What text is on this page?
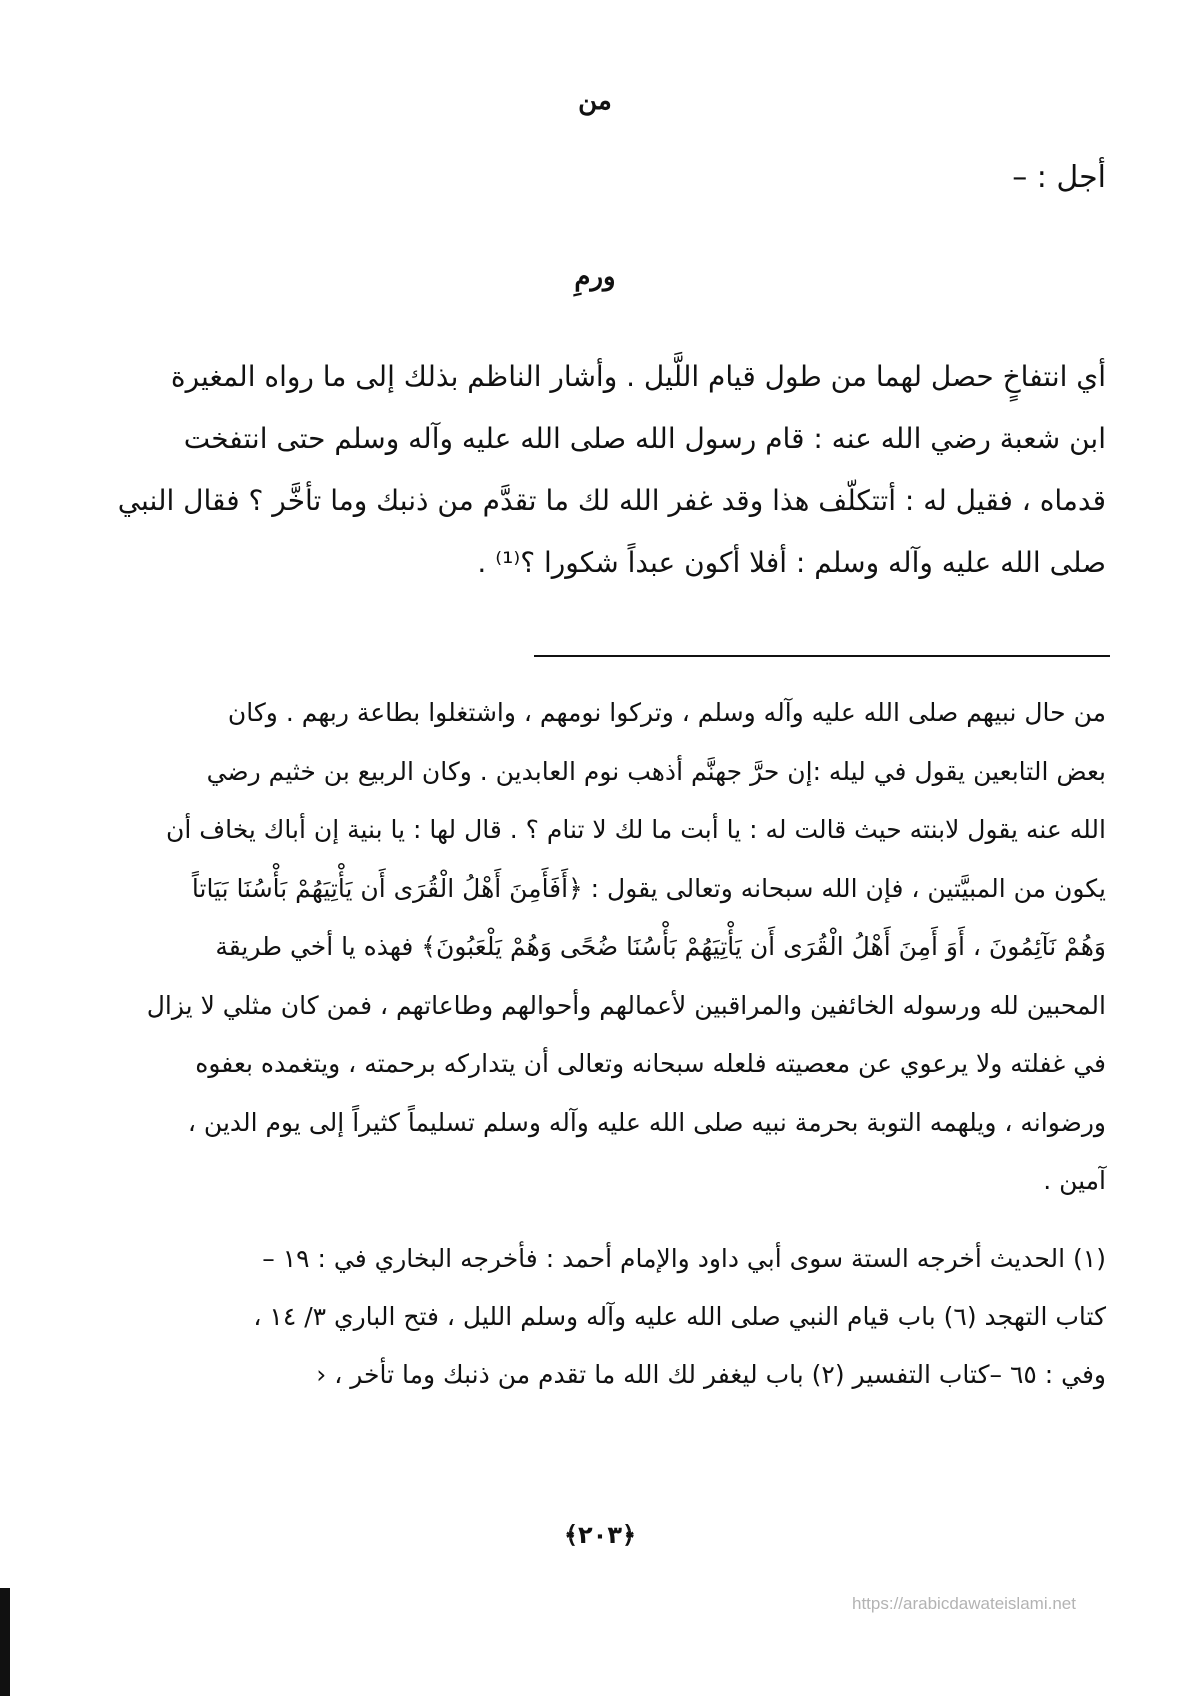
من
أجل : –
ورمِ
أي انتفاخٍ حصل لهما من طول قيام اللَّيل . وأشار الناظم بذلك إلى ما رواه المغيرة
ابن شعبة رضي الله عنه : قام رسول الله صلى الله عليه وآله وسلم حتى انتفخت
قدماه ، فقيل له : أتتكلّف هذا وقد غفر الله لك ما تقدَّم من ذنبك وما تأخَّر ؟ فقال النبي
صلى الله عليه وآله وسلم : أفلا أكون عبداً شكورا ؟⁽¹⁾ .
من حال نبيهم صلى الله عليه وآله وسلم ، وتركوا نومهم ، واشتغلوا بطاعة ربهم . وكان
بعض التابعين يقول في ليله :إن حرَّ جهنَّم أذهب نوم العابدين . وكان الربيع بن خثيم رضي
الله عنه يقول لابنته حيث قالت له : يا أبت ما لك لا تنام ؟ . قال لها : يا بنية إن أباك يخاف أن
يكون من المبيَّتين ، فإن الله سبحانه وتعالى يقول : ﴿أَفَأَمِنَ أَهْلُ الْقُرَى أَن يَأْتِيَهُمْ بَأْسُنَا بَيَاتاً
وَهُمْ نَآئِمُونَ ، أَوَ أَمِنَ أَهْلُ الْقُرَى أَن يَأْتِيَهُمْ بَأْسُنَا ضُحًى وَهُمْ يَلْعَبُونَ﴾ فهذه يا أخي طريقة
المحبين لله ورسوله الخائفين والمراقبين لأعمالهم وأحوالهم وطاعاتهم ، فمن كان مثلي لا يزال
في غفلته ولا يرعوي عن معصيته فلعله سبحانه وتعالى أن يتداركه برحمته ، ويتغمده بعفوه
ورضوانه ، ويلهمه التوبة بحرمة نبيه صلى الله عليه وآله وسلم تسليماً كثيراً إلى يوم الدين ،
آمين .
(١) الحديث أخرجه الستة سوى أبي داود والإمام أحمد : فأخرجه البخاري في : ١٩ –
كتاب التهجد (٦) باب قيام النبي صلى الله عليه وآله وسلم الليل ، فتح الباري ٣/ ١٤ ،
وفي : ٦٥ –كتاب التفسير (٢) باب ليغفر لك الله ما تقدم من ذنبك وما تأخر ، ‹
﴿٢٠٣﴾
https://arabicdawateislami.net
